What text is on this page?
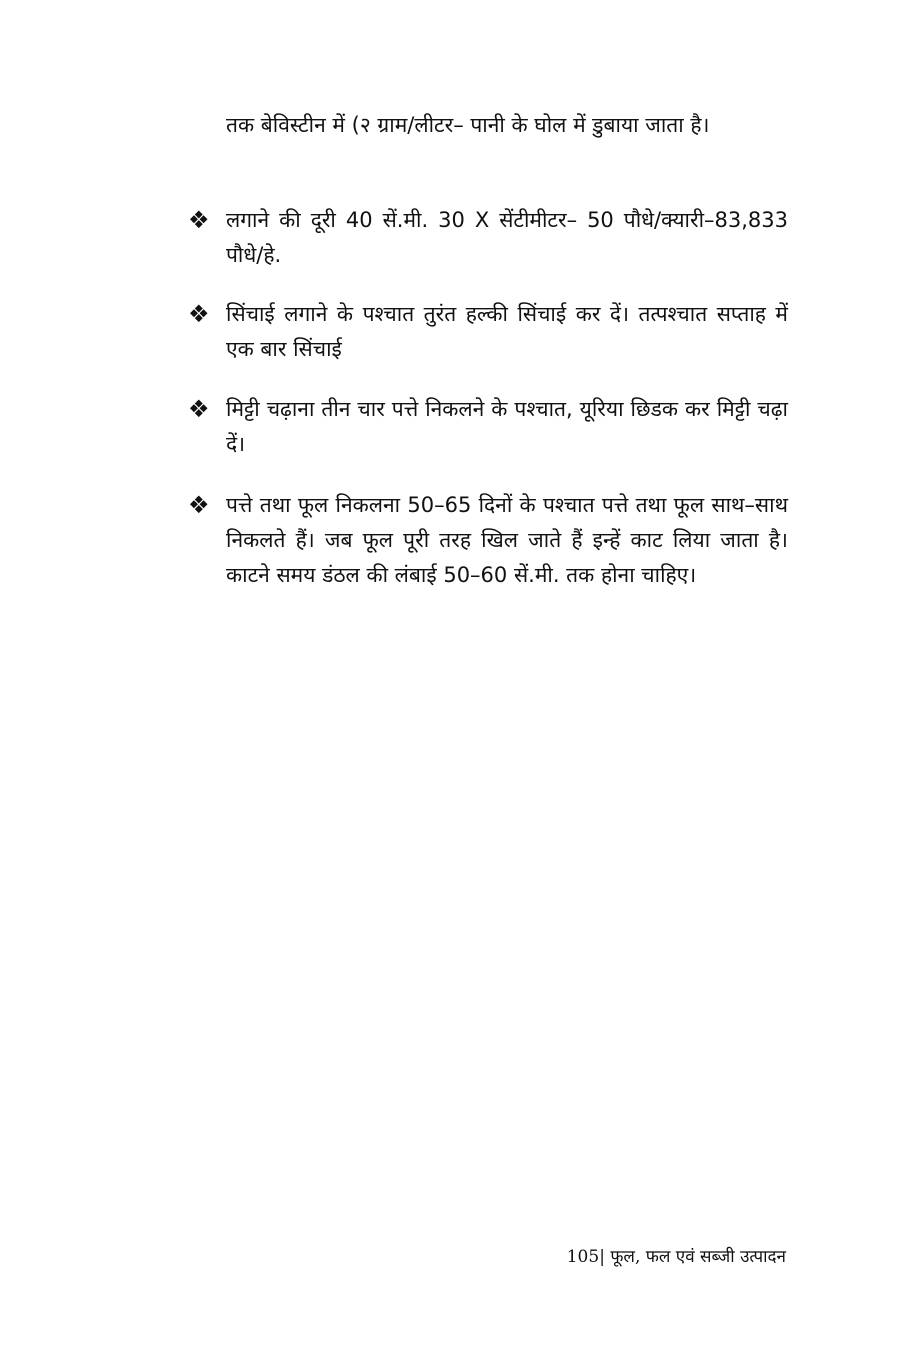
तक बेविस्टीन में (२ ग्राम/लीटर– पानी के घोल में डुबाया जाता है।
❖ लगाने की दूरी 40 सें.मी. 30 X सेंटीमीटर– 50 पौधे/क्यारी–83,833 पौधे/हे.
❖ सिंचाई लगाने के पश्चात तुरंत हल्की सिंचाई कर दें। तत्पश्चात सप्ताह में एक बार सिंचाई
❖ मिट्टी चढ़ाना तीन चार पत्ते निकलने के पश्चात, यूरिया छिडक कर मिट्टी चढ़ा दें।
❖ पत्ते तथा फूल निकलना 50–65 दिनों के पश्चात पत्ते तथा फूल साथ–साथ निकलते हैं। जब फूल पूरी तरह खिल जाते हैं इन्हें काट लिया जाता है। काटने समय डंठल की लंबाई 50–60 सें.मी. तक होना चाहिए।
105| फूल, फल एवं सब्जी उत्पादन
